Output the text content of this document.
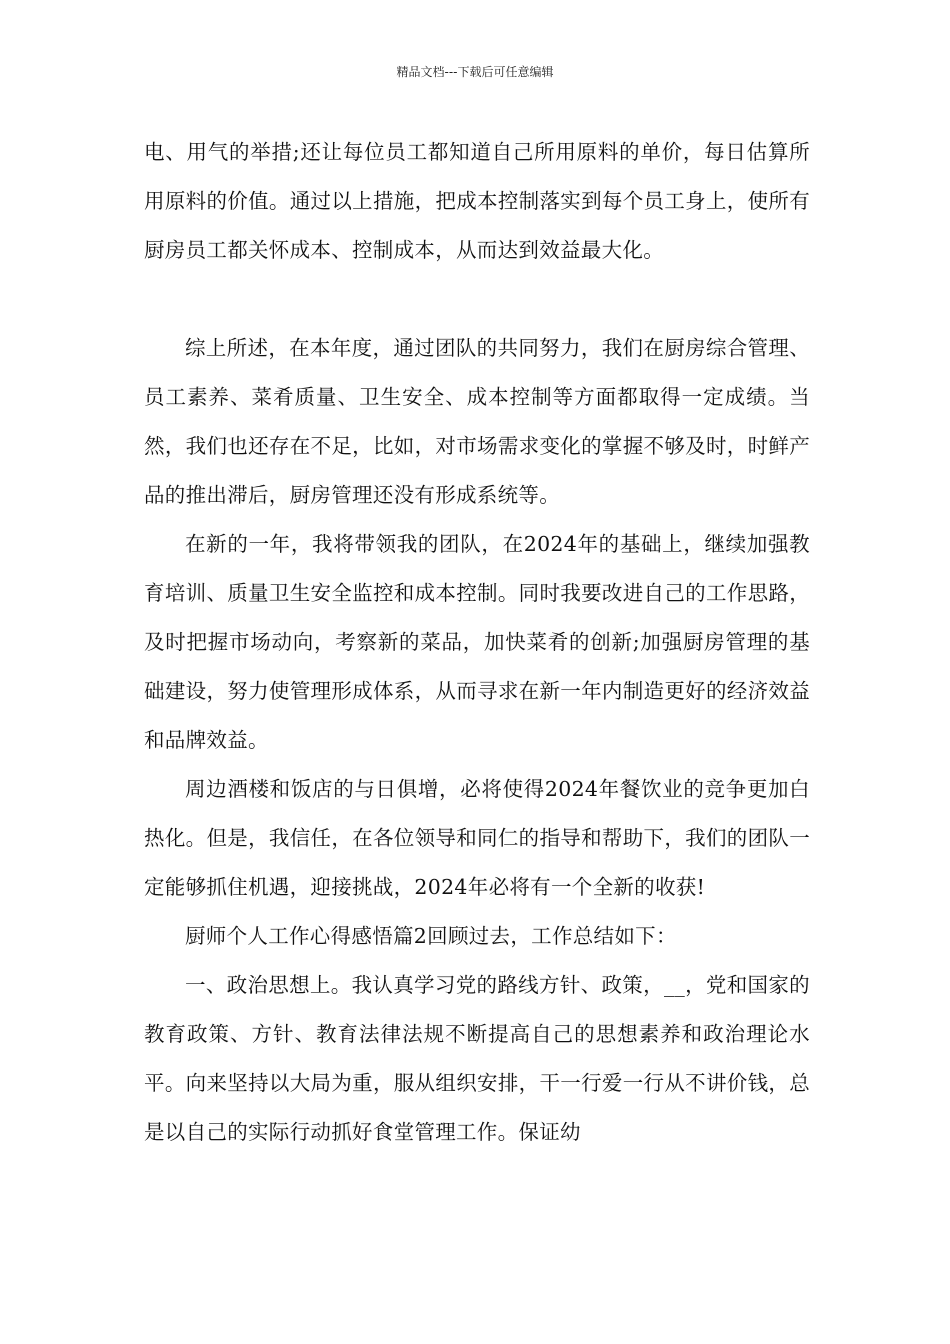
精品文档---下载后可任意编辑

电、用气的举措;还让每位员工都知道自己所用原料的单价，每日估算所用原料的价值。通过以上措施，把成本控制落实到每个员工身上，使所有厨房员工都关怀成本、控制成本，从而达到效益最大化。

综上所述，在本年度，通过团队的共同努力，我们在厨房综合管理、员工素养、菜肴质量、卫生安全、成本控制等方面都取得一定成绩。当然，我们也还存在不足，比如，对市场需求变化的掌握不够及时，时鲜产品的推出滞后，厨房管理还没有形成系统等。

在新的一年，我将带领我的团队，在2024年的基础上，继续加强教育培训、质量卫生安全监控和成本控制。同时我要改进自己的工作思路，及时把握市场动向，考察新的菜品，加快菜肴的创新;加强厨房管理的基础建设，努力使管理形成体系，从而寻求在新一年内制造更好的经济效益和品牌效益。

周边酒楼和饭店的与日俱增，必将使得2024年餐饮业的竞争更加白热化。但是，我信任，在各位领导和同仁的指导和帮助下，我们的团队一定能够抓住机遇，迎接挑战，2024年必将有一个全新的收获!

厨师个人工作心得感悟篇2回顾过去，工作总结如下：

一、政治思想上。我认真学习党的路线方针、政策，__，党和国家的教育政策、方针、教育法律法规不断提高自己的思想素养和政治理论水平。向来坚持以大局为重，服从组织安排，干一行爱一行从不讲价钱，总是以自己的实际行动抓好食堂管理工作。保证幼
